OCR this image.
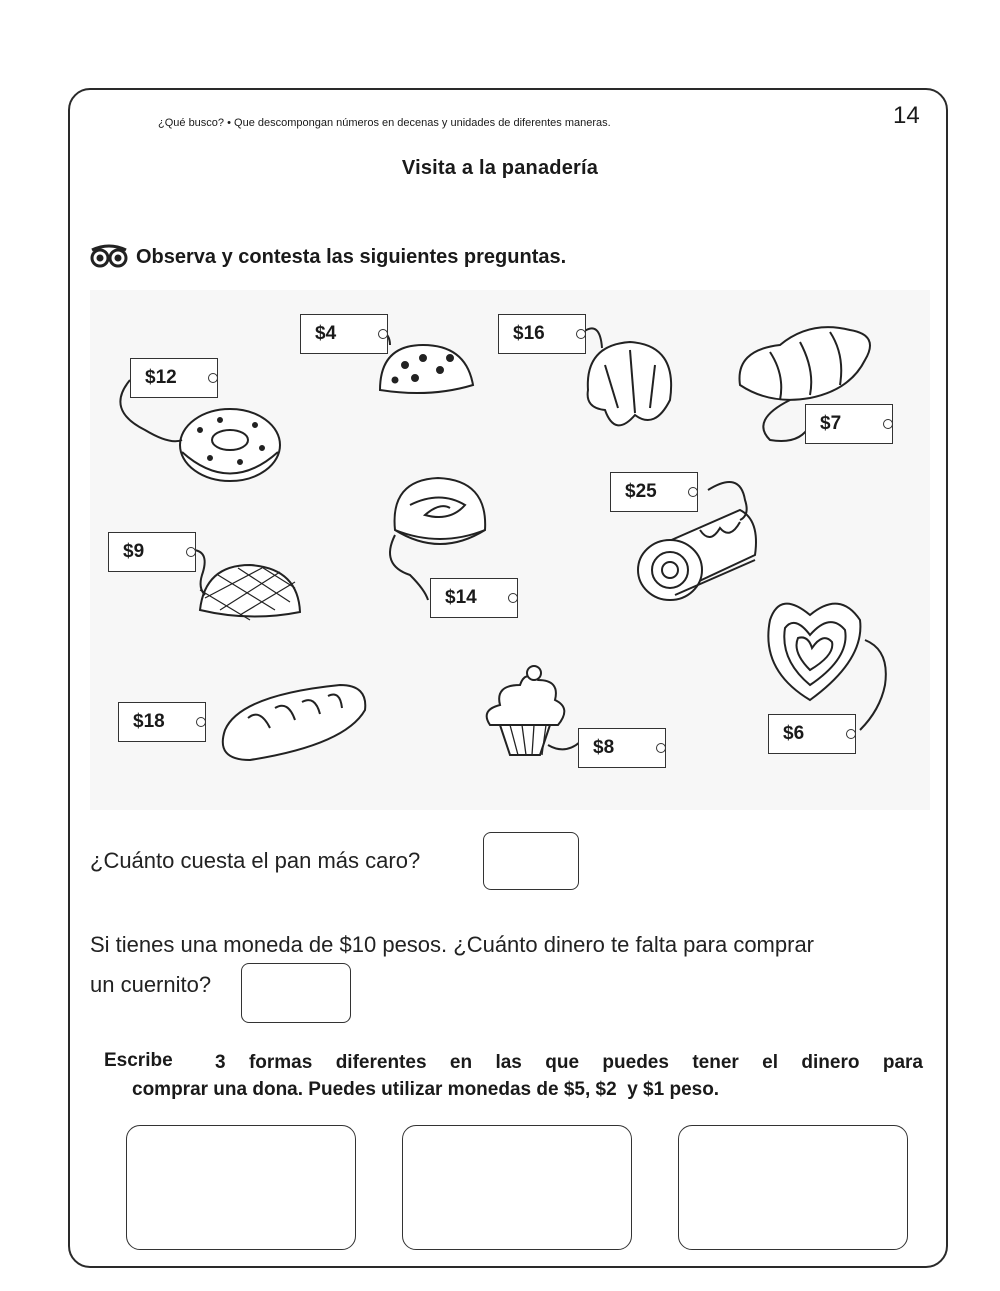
¿Qué busco? • Que descompongan números en decenas y unidades de diferentes maneras.	14
Visita a la panadería
Observa y contesta las siguientes preguntas.
$4	$16
$12
$7
$25
$9
$14
$6
$18
$8
¿Cuánto cuesta el pan más caro?
Si tienes una moneda de $10 pesos. ¿Cuánto dinero te falta para comprar
un cuernito?
Escribe 3 formas diferentes en las que puedes tener el dinero para
comprar una dona. Puedes utilizar monedas de $5, $2  y $1 peso.
